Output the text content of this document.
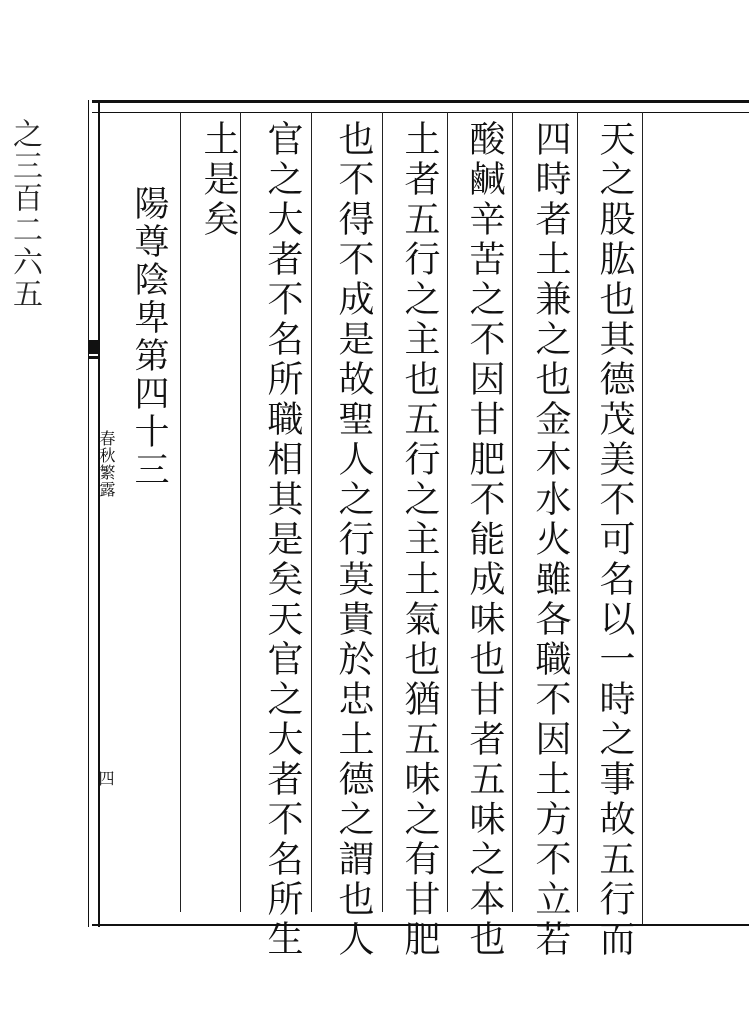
天之股肱也其德茂美不可名以一時之事故五行而
四時者土兼之也金木水火雖各職不因土方不立若
酸鹹辛苦之不因甘肥不能成味也甘者五味之本也
土者五行之主也五行之主土氣也猶五味之有甘肥
也不得不成是故聖人之行莫貴於忠土德之謂也人
官之大者不名所職相其是矣天官之大者不名所生
土是矣
陽尊陰卑第四十三
春秋繁露
四
之三百二六五
